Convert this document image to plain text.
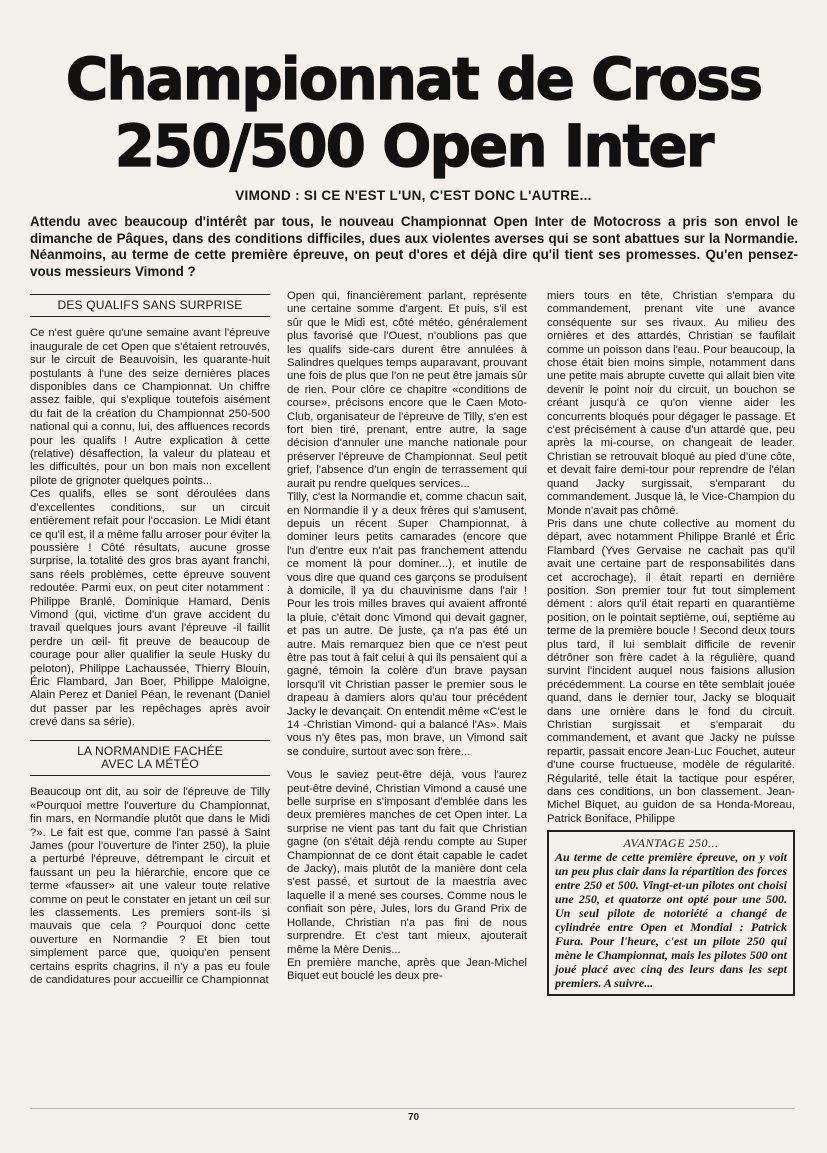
Championnat de Cross
250/500 Open Inter
VIMOND : SI CE N'EST L'UN, C'EST DONC L'AUTRE...
Attendu avec beaucoup d'intérêt par tous, le nouveau Championnat Open Inter de Motocross a pris son envol le dimanche de Pâques, dans des conditions difficiles, dues aux violentes averses qui se sont abattues sur la Normandie. Néanmoins, au terme de cette première épreuve, on peut d'ores et déjà dire qu'il tient ses promesses. Qu'en pensez-vous messieurs Vimond ?
DES QUALIFS SANS SURPRISE

Ce n'est guère qu'une semaine avant l'épreuve inaugurale de cet Open que s'étaient retrouvés, sur le circuit de Beauvoisin, les quarante-huit postulants à l'une des seize dernières places disponibles dans ce Championnat. Un chiffre assez faible, qui s'explique toutefois aisément du fait de la création du Championnat 250-500 national qui a connu, lui, des affluences records pour les qualifs ! Autre explication à cette (relative) désaffection, la valeur du plateau et les difficultés, pour un bon mais non excellent pilote de grignoter quelques points...

Ces qualifs, elles se sont déroulées dans d'excellentes conditions, sur un circuit entièrement refait pour l'occasion. Le Midi étant ce qu'il est, il a même fallu arroser pour éviter la poussière ! Côté résultats, aucune grosse surprise, la totalité des gros bras ayant franchi, sans réels problèmes, cette épreuve souvent redoutée. Parmi eux, on peut citer notamment : Philippe Branlé, Dominique Hamard, Denis Vimond (qui, victime d'un grave accident du travail quelques jours avant l'épreuve -il faillit perdre un œil- fit preuve de beaucoup de courage pour aller qualifier la seule Husky du peloton), Philippe Lachaussée, Thierry Blouin, Éric Flambard, Jan Boer, Philippe Maloigne, Alain Perez et Daniel Péan, le revenant (Daniel dut passer par les repêchages après avoir crevé dans sa série).

LA NORMANDIE FACHÉE
AVEC LA MÉTÉO

Beaucoup ont dit, au soir de l'épreuve de Tilly «Pourquoi mettre l'ouverture du Championnat, fin mars, en Normandie plutôt que dans le Midi ?». Le fait est que, comme l'an passé à Saint James (pour l'ouverture de l'inter 250), la pluie a perturbé l'épreuve, détrempant le circuit et faussant un peu la hiérarchie, encore que ce terme «fausser» ait une valeur toute relative comme on peut le constater en jetant un œil sur les classements. Les premiers sont-ils si mauvais que cela ? Pourquoi donc cette ouverture en Normandie ? Et bien tout simplement parce que, quoiqu'en pensent certains esprits chagrins, il n'y a pas eu foule de candidatures pour accueillir ce Championnat

Open qui, financièrement parlant, représente une certaine somme d'argent. Et puis, s'il est sûr que le Midi est, côté météo, généralement plus favorisé que l'Ouest, n'oublions pas que les qualifs side-cars durent être annulées à Salindres quelques temps auparavant, prouvant une fois de plus que l'on ne peut être jamais sûr de rien. Pour clôre ce chapitre «conditions de course», précisons encore que le Caen Moto-Club, organisateur de l'épreuve de Tilly, s'en est fort bien tiré, prenant, entre autre, la sage décision d'annuler une manche nationale pour préserver l'épreuve de Championnat. Seul petit grief, l'absence d'un engin de terrassement qui aurait pu rendre quelques services...

Tilly, c'est la Normandie et, comme chacun sait, en Normandie il y a deux frères qui s'amusent, depuis un récent Super Championnat, à dominer leurs petits camarades (encore que l'un d'entre eux n'ait pas franchement attendu ce moment là pour dominer...), et inutile de vous dire que quand ces garçons se produisent à domicile, il ya du chauvinisme dans l'air ! Pour les trois milles braves qui avaient affronté la pluie, c'était donc Vimond qui devait gagner, et pas un autre. De juste, ça n'a pas été un autre. Mais remarquez bien que ce n'est peut être pas tout à fait celui à qui ils pensaient qui a gagné, témoin la colère d'un brave paysan lorsqu'il vit Christian passer le premier sous le drapeau à damiers alors qu'au tour précédent Jacky le devançait. On entendit même «C'est le 14 -Christian Vimond- qui a balancé l'As». Mais vous n'y êtes pas, mon brave, un Vimond sait se conduire, surtout avec son frère...

Vous le saviez peut-être déjà, vous l'aurez peut-être deviné, Christian Vimond a causé une belle surprise en s'imposant d'emblée dans les deux premières manches de cet Open inter. La surprise ne vient pas tant du fait que Christian gagne (on s'était déjà rendu compte au Super Championnat de ce dont était capable le cadet de Jacky), mais plutôt de la manière dont cela s'est passé, et surtout de la maestria avec laquelle il a mené ses courses. Comme nous le confiait son père, Jules, lors du Grand Prix de Hollande, Christian n'a pas fini de nous surprendre. Et c'est tant mieux, ajouterait même la Mère Denis...

En première manche, après que Jean-Michel Biquet eut bouclé les deux pre-

miers tours en tête, Christian s'empara du commandement, prenant vite une avance conséquente sur ses rivaux. Au milieu des ornières et des attardés, Christian se faufilait comme un poisson dans l'eau. Pour beaucoup, la chose était bien moins simple, notamment dans une petite mais abrupte cuvette qui allait bien vite devenir le point noir du circuit, un bouchon se créant jusqu'à ce qu'on vienne aider les concurrents bloqués pour dégager le passage. Et c'est précisément à cause d'un attardé que, peu après la mi-course, on changeait de leader. Christian se retrouvait bloqué au pied d'une côte, et devait faire demi-tour pour reprendre de l'élan quand Jacky surgissait, s'emparant du commandement. Jusque là, le Vice-Champion du Monde n'avait pas chômé.

Pris dans une chute collective au moment du départ, avec notamment Philippe Branlé et Éric Flambard (Yves Gervaise ne cachait pas qu'il avait une certaine part de responsabilités dans cet accrochage), il était reparti en dernière position. Son premier tour fut tout simplement dément : alors qu'il était reparti en quarantième position, on le pointait septième, oui, septième au terme de la première boucle ! Second deux tours plus tard, il lui semblait difficile de revenir détrôner son frère cadet à la régulière, quand survint l'incident auquel nous faisions allusion précédemment. La course en tête semblait jouée quand, dans le dernier tour, Jacky se bloquait dans une ornière dans le fond du circuit. Christian surgissait et s'emparait du commandement, et avant que Jacky ne puisse repartir, passait encore Jean-Luc Fouchet, auteur d'une course fructueuse, modèle de régularité. Régularité, telle était la tactique pour espérer, dans ces conditions, un bon classement. Jean-Michel Biquet, au guidon de sa Honda-Moreau, Patrick Boniface, Philippe

AVANTAGE 250...
Au terme de cette première épreuve, on y voit un peu plus clair dans la répartition des forces entre 250 et 500. Vingt-et-un pilotes ont choisi une 250, et quatorze ont opté pour une 500. Un seul pilote de notoriété a changé de cylindrée entre Open et Mondial : Patrick Fura. Pour l'heure, c'est un pilote 250 qui mène le Championnat, mais les pilotes 500 ont joué placé avec cinq des leurs dans les sept premiers. A suivre...
70
